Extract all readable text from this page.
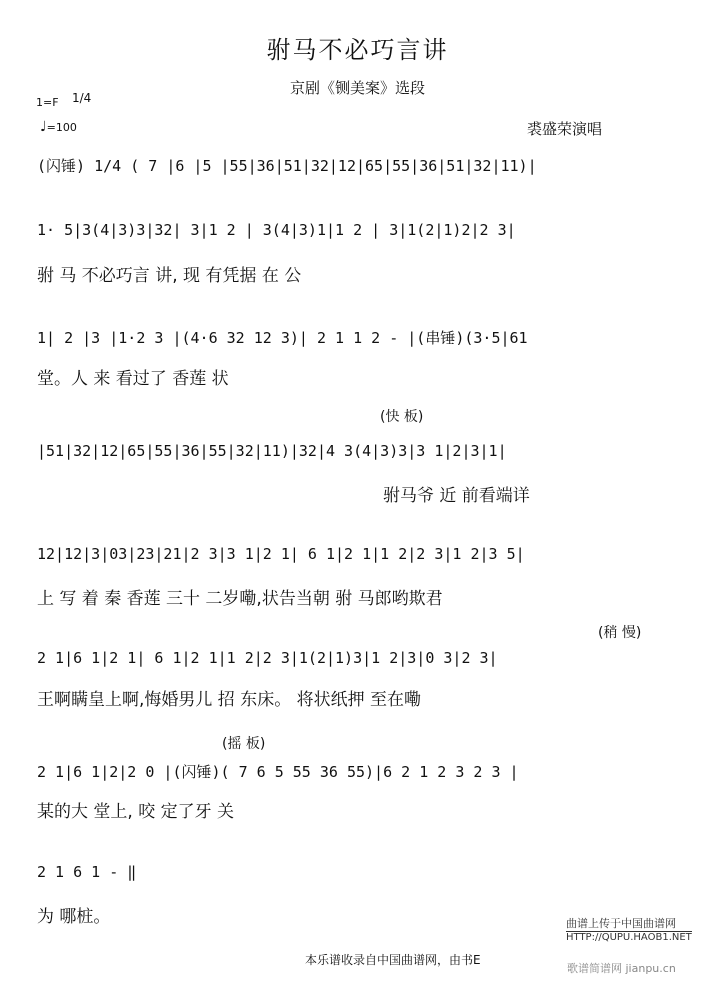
驸马不必巧言讲
京剧《铡美案》选段
1=F 1/4
♩=100	裘盛荣演唱
(闪锤) 1/4 ( 7 |6 |5 |55|36|51|32|12|65|55|36|51|32|11)|
1· 5|3(4|3)3|32| 3|1 2 | 3(4|3)1|1 2 | 3|1(2|1)2|2 3|
驸 马 不必巧言 讲, 现 有凭据 在 公
1| 2 |3 |1·2 3 |(4·6 32 12 3)| 2 1 1 2 - |(串锤)(3·5|61
堂。人 来 看过了 香莲 状
(快 板)
|51|32|12|65|55|36|55|32|11)|32|4 3(4|3)3|3 1|2|3|1|
驸马爷 近 前看端详
12|12|3|03|23|21|2 3|3 1|2 1| 6 1|2 1|1 2|2 3|1 2|3 5|
上 写 着 秦 香莲 三十 二岁嘞,状告当朝 驸 马郎哟欺君
(稍 慢)
2 1|6 1|2 1| 6 1|2 1|1 2|2 3|1(2|1)3|1 2|3|0 3|2 3|
王啊瞒皇上啊,悔婚男儿 招 东床。 将状纸押 至在嘞
(摇 板)
2 1|6 1|2|2 0 |(闪锤)( 7 6 5 55 36 55)|6 2 1 2 3 2 3 |
某的大 堂上, 咬 定了牙 关
2 1 6 1 - ‖
为 哪桩。	曲谱上传于中国曲谱网
HTTP://QUPU.HAOB1.NET
本乐谱收录自中国曲谱网，由书E
歌谱简谱网 jianpu.cn
